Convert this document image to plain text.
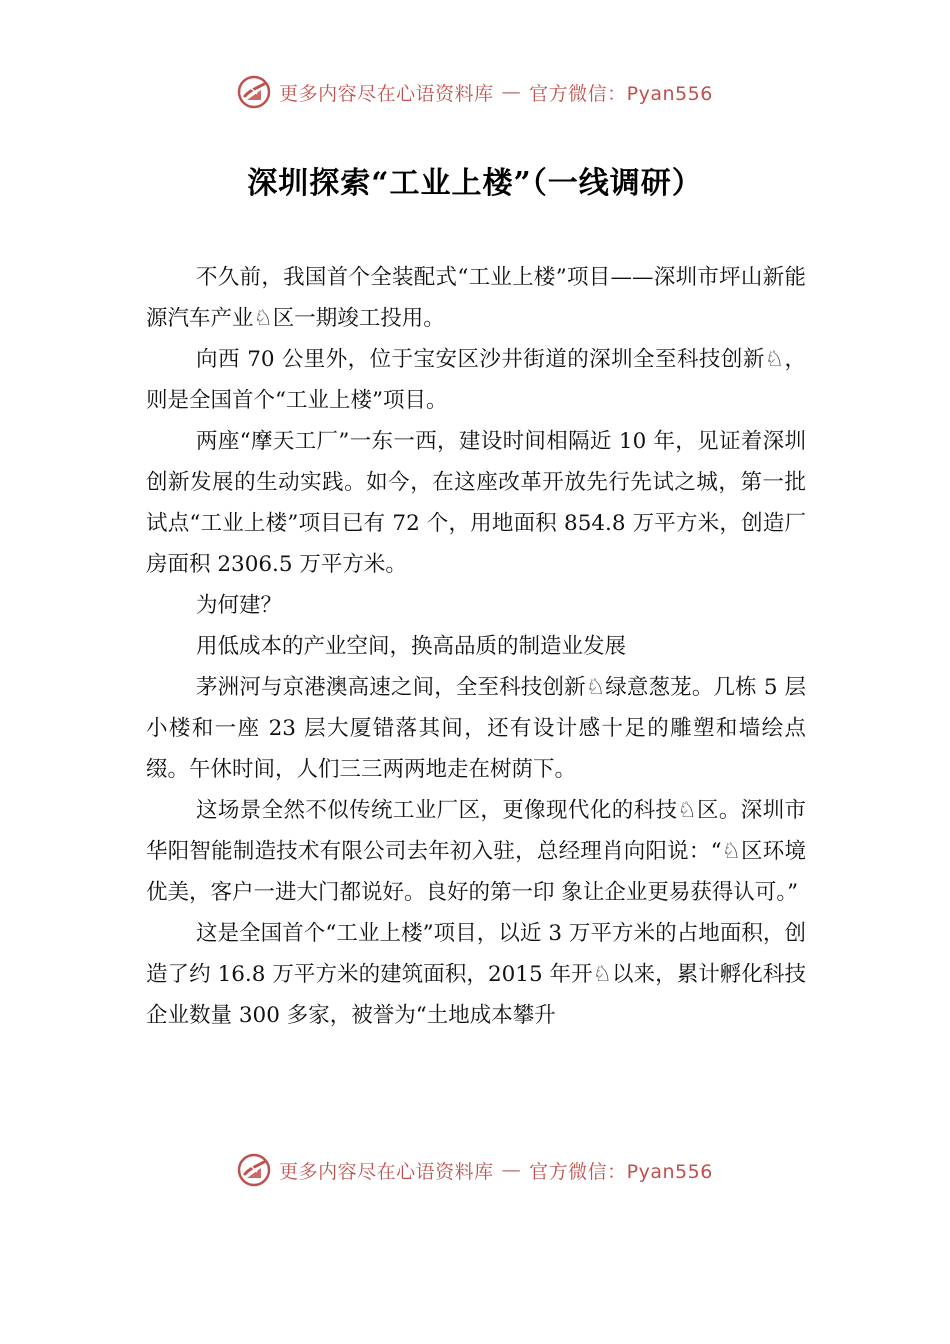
更多内容尽在心语资料库 — 官方微信：Pyan556
深圳探索“工业上楼”（一线调研）

不久前，我国首个全装配式“工业上楼”项目——深圳市坪山新能源汽车产业♘区一期竣工投用。

向西 70 公里外，位于宝安区沙井街道的深圳全至科技创新♘，则是全国首个“工业上楼”项目。

两座“摩天工厂”一东一西，建设时间相隔近 10 年，见证着深圳创新发展的生动实践。如今，在这座改革开放先行先试之城，第一批试点“工业上楼”项目已有 72 个，用地面积 854.8 万平方米，创造厂房面积 2306.5 万平方米。

为何建？

用低成本的产业空间，换高品质的制造业发展

茅洲河与京港澳高速之间，全至科技创新♘绿意葱茏。几栋 5 层小楼和一座 23 层大厦错落其间，还有设计感十足的雕塑和墙绘点缀。午休时间，人们三三两两地走在树荫下。

这场景全然不似传统工业厂区，更像现代化的科技♘区。深圳市华阳智能制造技术有限公司去年初入驻，总经理肖向阳说：“♘区环境优美，客户一进大门都说好。良好的第一印 象让企业更易获得认可。”

这是全国首个“工业上楼”项目，以近 3 万平方米的占地面积，创造了约 16.8 万平方米的建筑面积，2015 年开♘以来，累计孵化科技企业数量 300 多家，被誉为“土地成本攀升

更多内容尽在心语资料库 — 官方微信：Pyan556
